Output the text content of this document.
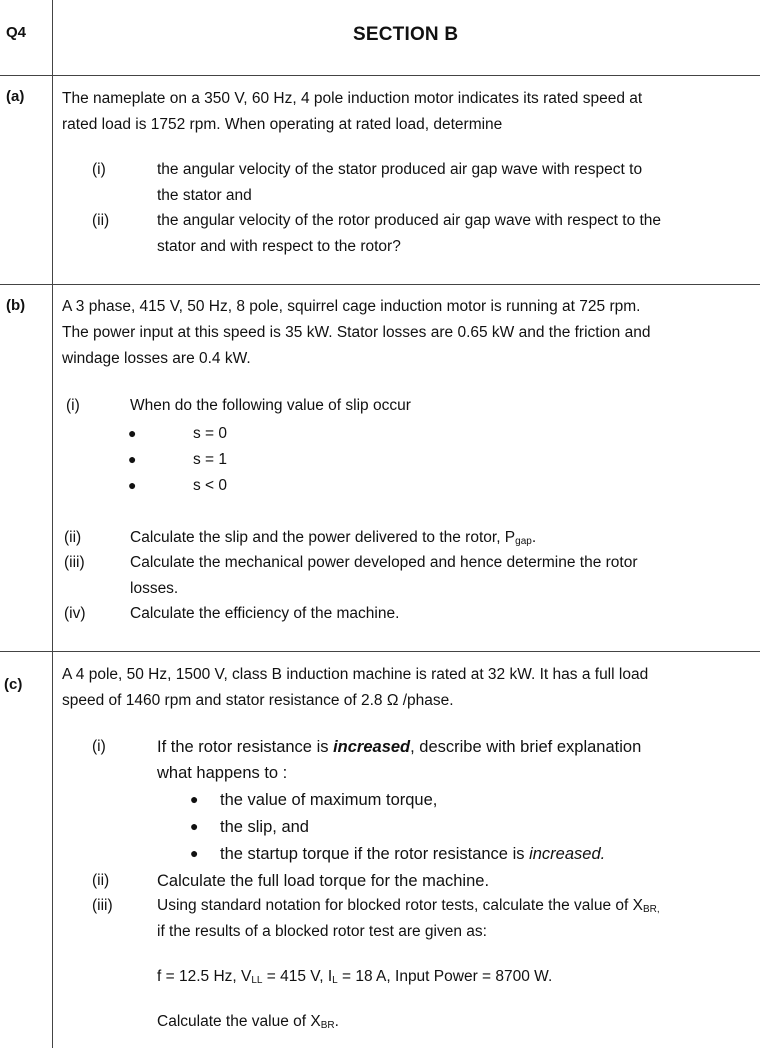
Q4	SECTION B
(a) The nameplate on a 350 V, 60 Hz, 4 pole induction motor indicates its rated speed at
rated load is 1752 rpm. When operating at rated load, determine
(i)	the angular velocity of the stator produced air gap wave with respect to
the stator and
(ii)	the angular velocity of the rotor produced air gap wave with respect to the
stator and with respect to the rotor?
(b) A 3 phase, 415 V, 50 Hz, 8 pole, squirrel cage induction motor is running at 725 rpm.
The power input at this speed is 35 kW. Stator losses are 0.65 kW and the friction and
windage losses are 0.4 kW.
(i)	When do the following value of slip occur
●	s = 0
●	s = 1
●	s < 0
(ii)	Calculate the slip and the power delivered to the rotor, $P_{gap}$.
(iii)	Calculate the mechanical power developed and hence determine the rotor
losses.
(iv)	Calculate the efficiency of the machine.
(c)
A 4 pole, 50 Hz, 1500 V, class B induction machine is rated at 32 kW. It has a full load
speed of 1460 rpm and stator resistance of 2.8 Ω /phase.
(i)	If the rotor resistance is increased, describe with brief explanation
what happens to :
● the value of maximum torque,
● the slip, and
● the startup torque if the rotor resistance is increased.
(ii)	Calculate the full load torque for the machine.
(iii)	Using standard notation for blocked rotor tests, calculate the value of $X_{BR,}$
if the results of a blocked rotor test are given as:
f = 12.5 Hz, $V_{LL} = 415$ V, $I_L = 18$ A, Input Power = 8700 W.
Calculate the value of $X_{BR}$.
